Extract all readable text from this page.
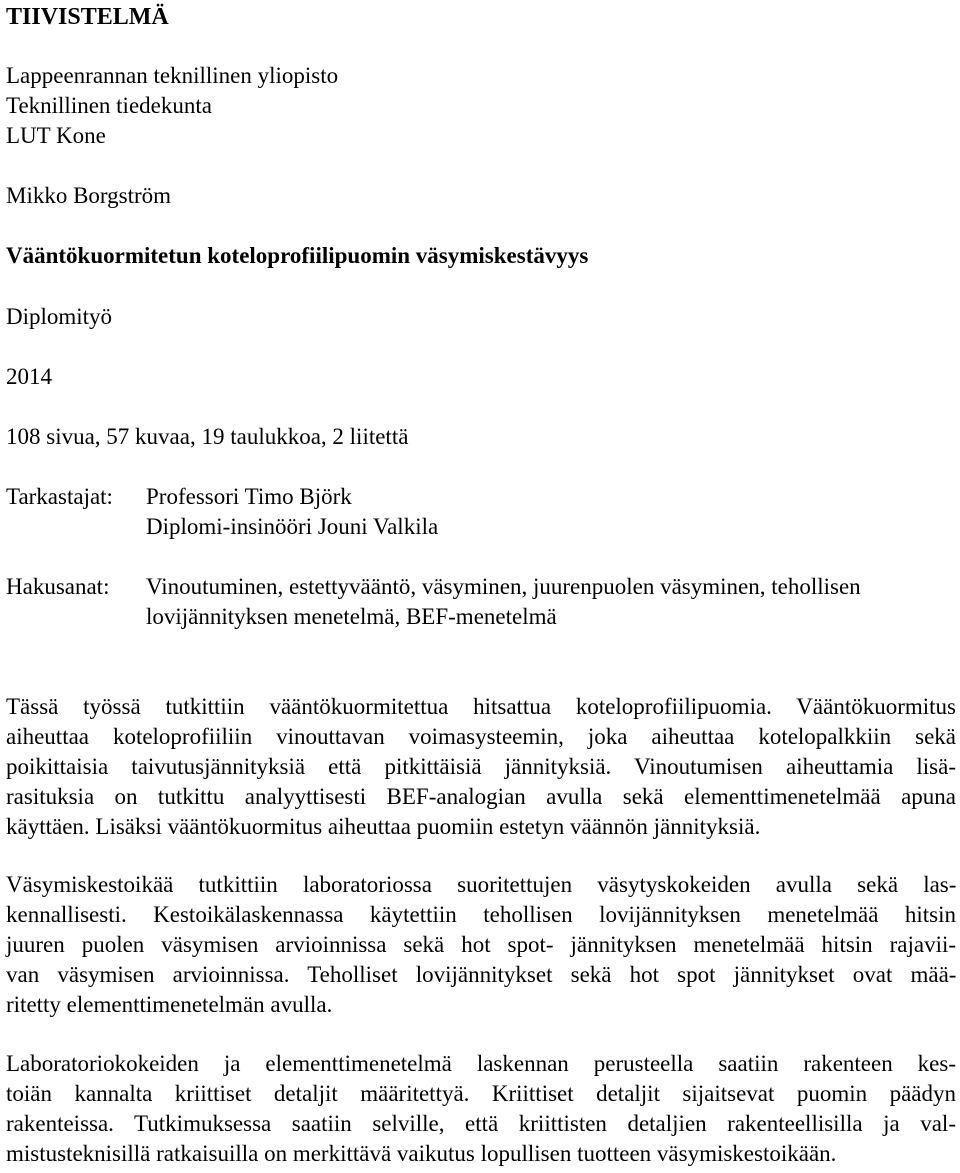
TIIVISTELMÄ
Lappeenrannan teknillinen yliopisto
Teknillinen tiedekunta
LUT Kone
Mikko Borgström
Vääntökuormitetun koteloprofiilipuomin väsymiskestävyys
Diplomityö
2014
108 sivua, 57 kuvaa, 19 taulukkoa, 2 liitettä
Tarkastajat: Professori Timo Björk
Diplomi-insinööri Jouni Valkila
Hakusanat: Vinoutuminen, estettyvääntö, väsyminen, juurenpuolen väsyminen, tehollisen
lovijännityksen menetelmä, BEF-menetelmä
Tässä työssä tutkittiin vääntökuormitettua hitsattua koteloprofiilipuomia. Vääntökuormitus
aiheuttaa koteloprofiiliin vinouttavan voimasysteemin, joka aiheuttaa kotelopalkkiin sekä
poikittaisia taivutusjännityksiä että pitkittäisiä jännityksiä. Vinoutumisen aiheuttamia lisä-
rasituksia on tutkittu analyyttisesti BEF-analogian avulla sekä elementtimenetelmää apuna
käyttäen. Lisäksi vääntökuormitus aiheuttaa puomiin estetyn väännön jännityksiä.
Väsymiskestoikää tutkittiin laboratoriossa suoritettujen väsytyskokeiden avulla sekä las-
kennallisesti. Kestoikälaskennassa käytettiin tehollisen lovijännityksen menetelmää hitsin
juuren puolen väsymisen arvioinnissa sekä hot spot- jännityksen menetelmää hitsin rajavii-
van väsymisen arvioinnissa. Teholliset lovijännitykset sekä hot spot jännitykset ovat mää-
ritetty elementtimenetelmän avulla.
Laboratoriokokeiden ja elementtimenetelmä laskennan perusteella saatiin rakenteen kes-
toiän kannalta kriittiset detaljit määritettyä. Kriittiset detaljit sijaitsevat puomin päädyn
rakenteissa. Tutkimuksessa saatiin selville, että kriittisten detaljien rakenteellisilla ja val-
mistusteknisillä ratkaisuilla on merkittävä vaikutus lopullisen tuotteen väsymiskestoikään.
